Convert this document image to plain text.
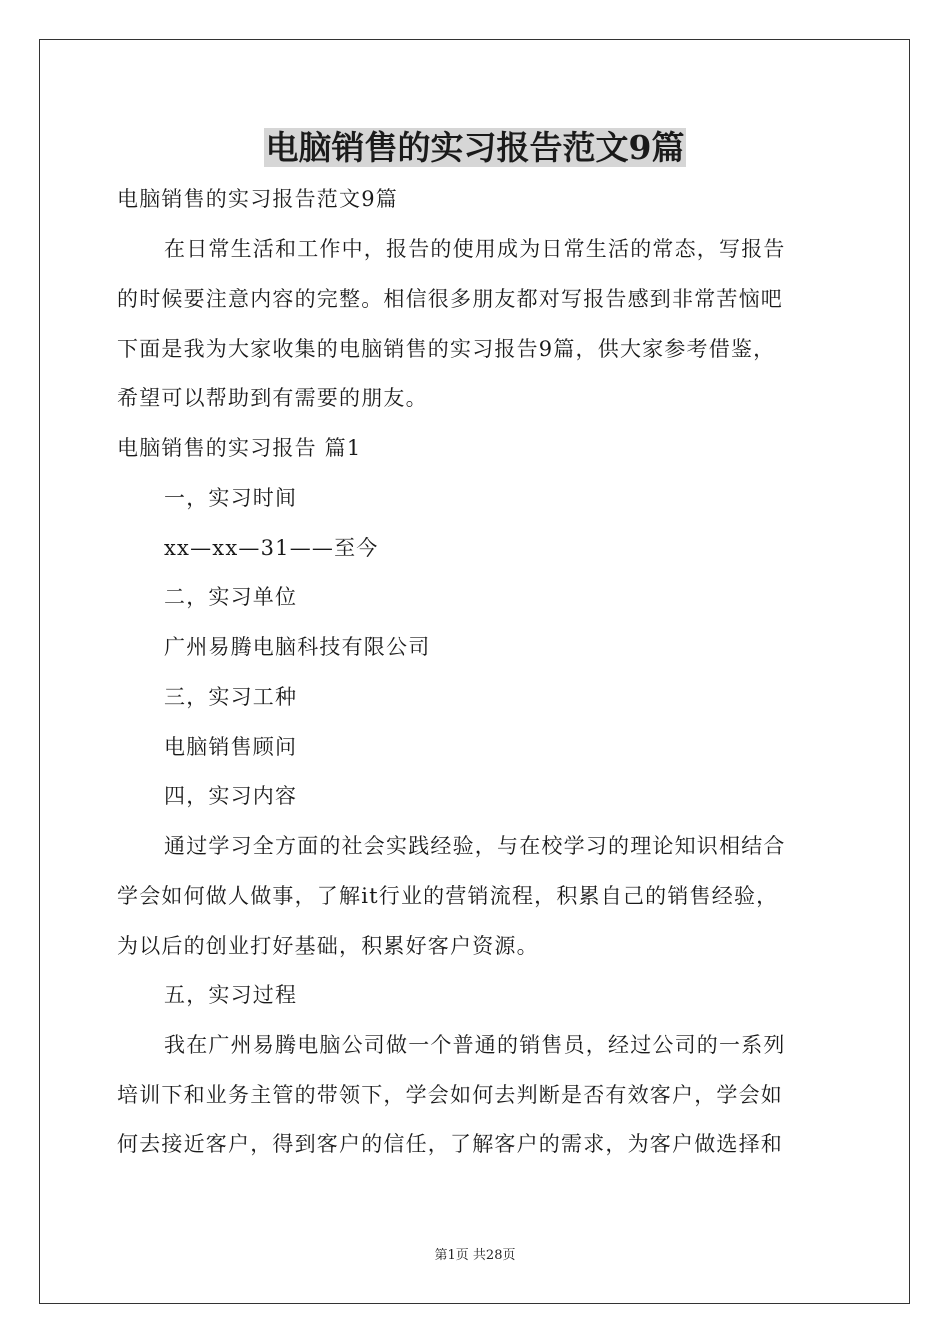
电脑销售的实习报告范文9篇
电脑销售的实习报告范文9篇
在日常生活和工作中，报告的使用成为日常生活的常态，写报告
的时候要注意内容的完整。相信很多朋友都对写报告感到非常苦恼吧
下面是我为大家收集的电脑销售的实习报告9篇，供大家参考借鉴，
希望可以帮助到有需要的朋友。
电脑销售的实习报告 篇1
一，实习时间
xx—xx—31——至今
二，实习单位
广州易腾电脑科技有限公司
三，实习工种
电脑销售顾问
四，实习内容
通过学习全方面的社会实践经验，与在校学习的理论知识相结合
学会如何做人做事，了解it行业的营销流程，积累自己的销售经验，
为以后的创业打好基础，积累好客户资源。
五，实习过程
我在广州易腾电脑公司做一个普通的销售员，经过公司的一系列
培训下和业务主管的带领下，学会如何去判断是否有效客户，学会如
何去接近客户，得到客户的信任，了解客户的需求，为客户做选择和
第1页 共28页
